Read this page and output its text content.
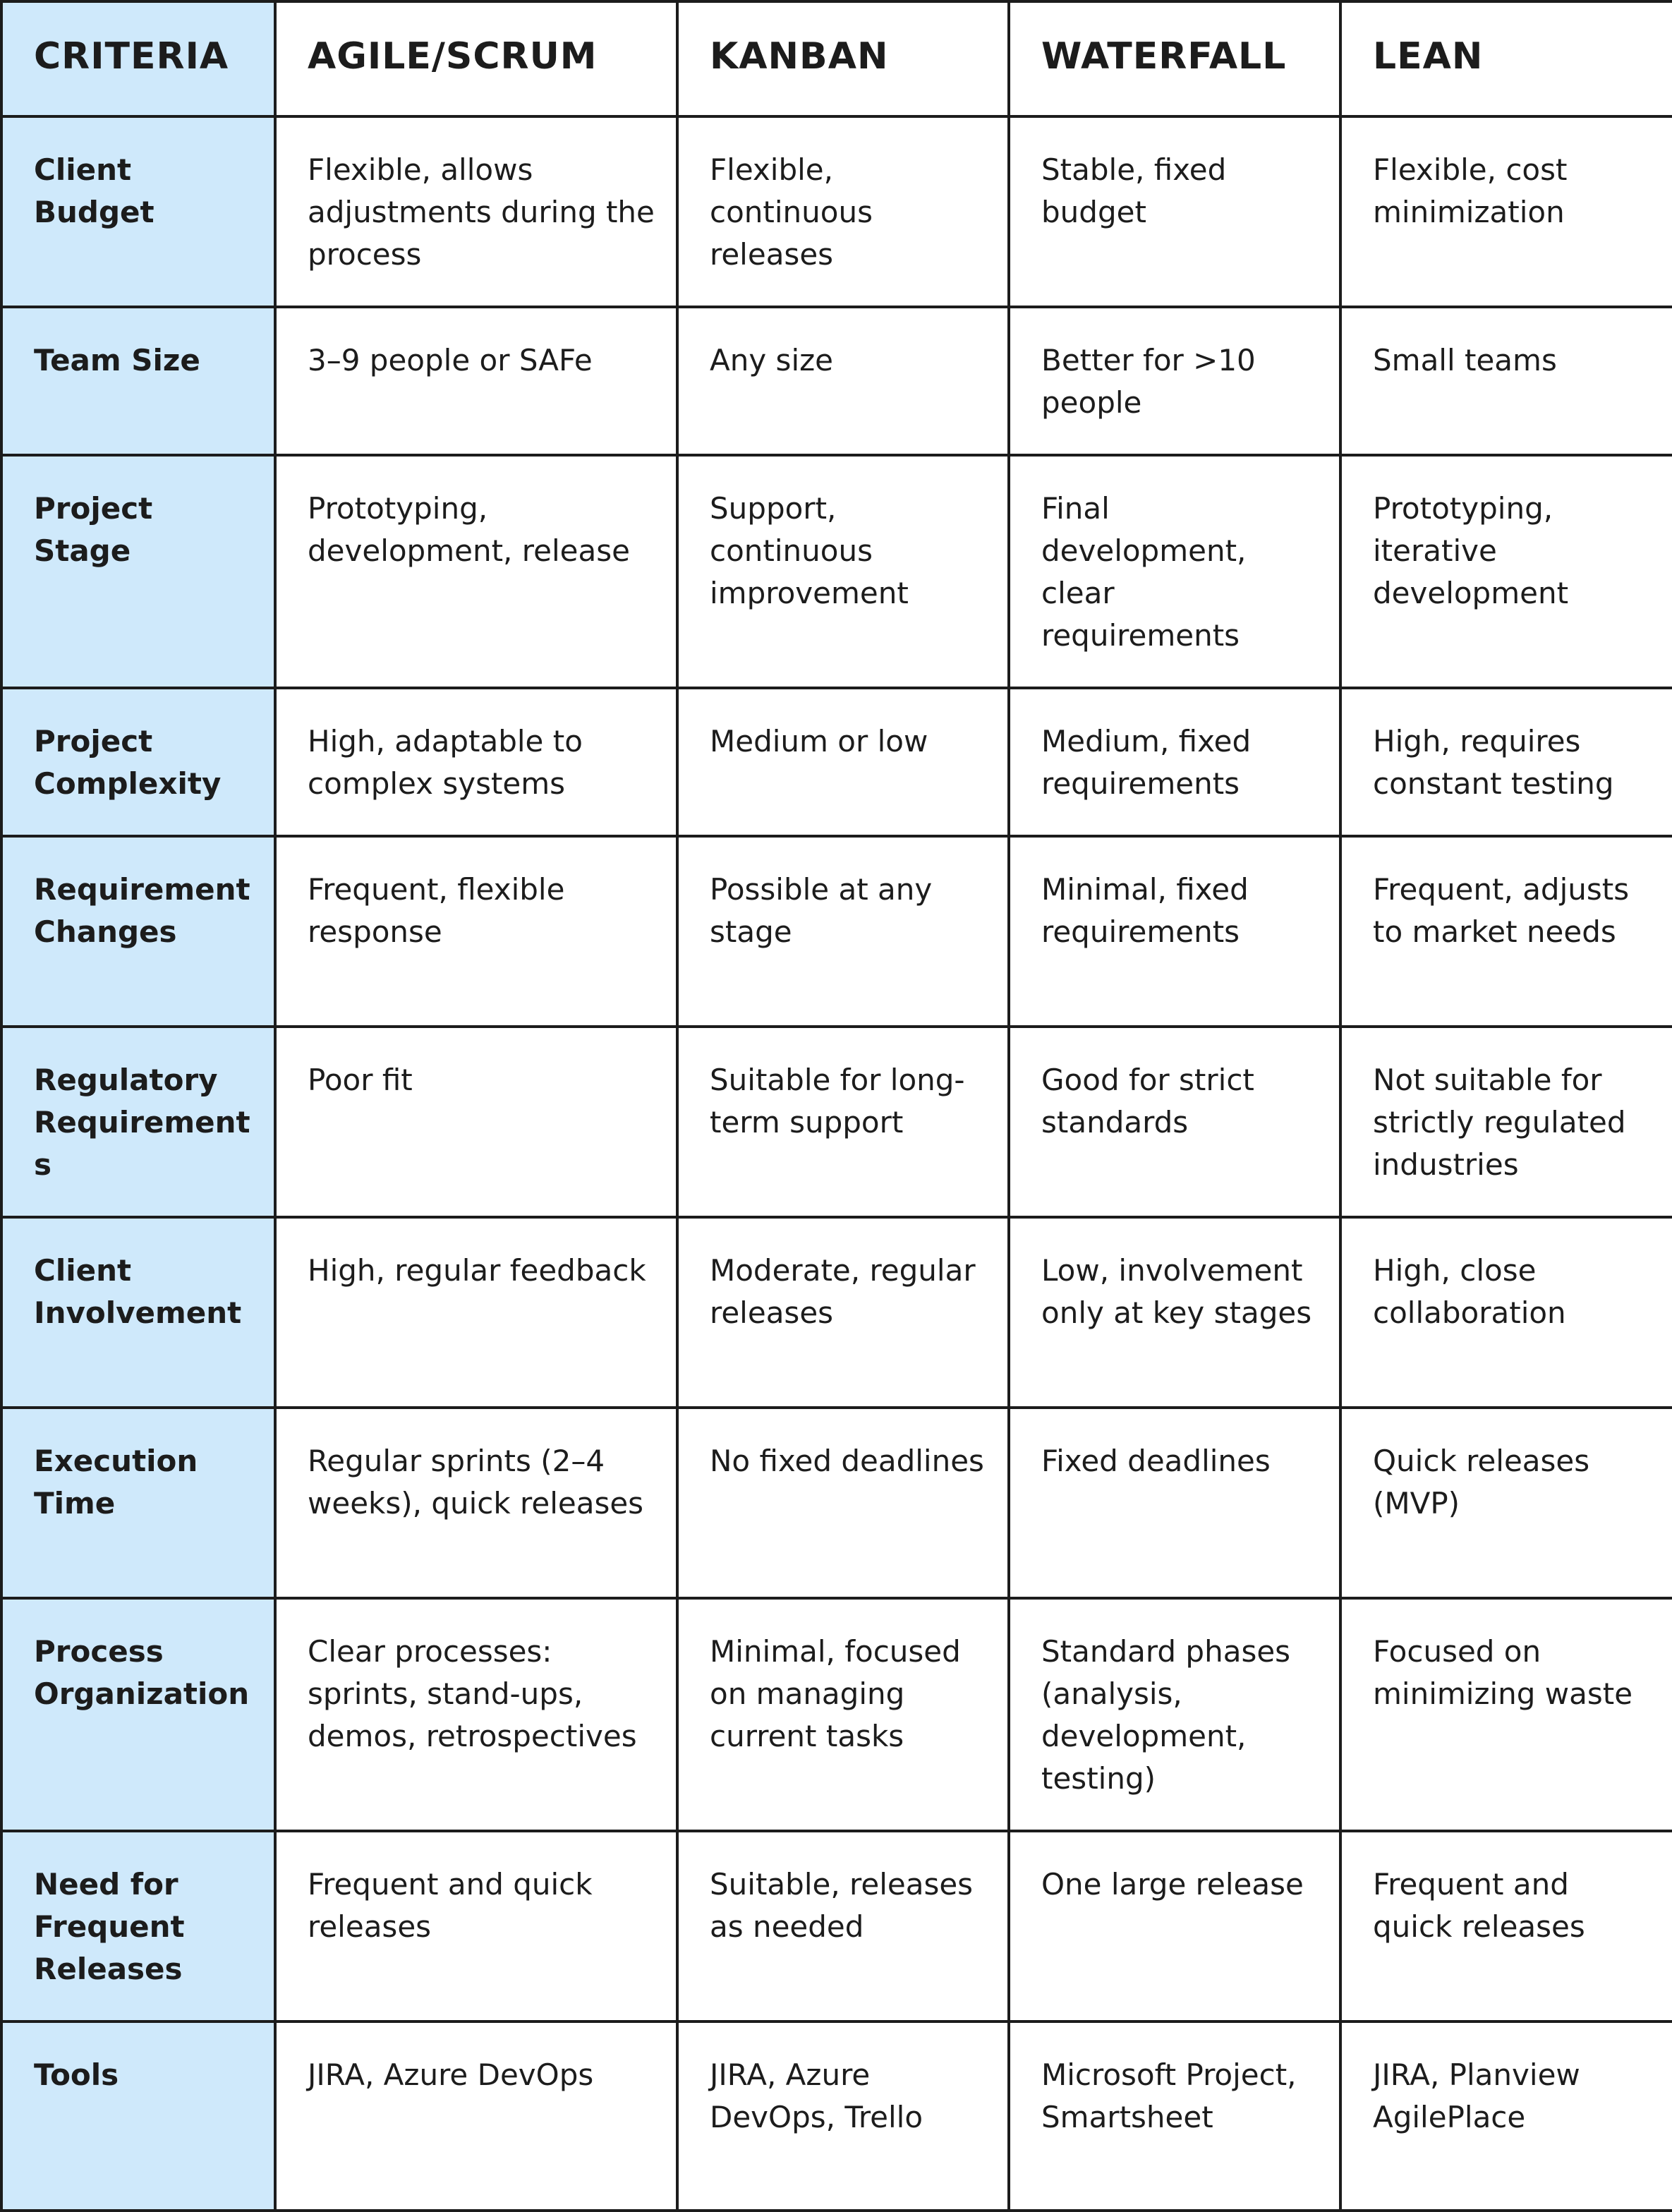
CRITERIA	AGILE/SCRUM	KANBAN	WATERFALL	LEAN
Client Budget	Flexible, allows adjustments during the process	Flexible, continuous releases	Stable, fixed budget	Flexible, cost minimization
Team Size	3–9 people or SAFe	Any size	Better for >10 people	Small teams
Project Stage	Prototyping, development, release	Support, continuous improvement	Final development, clear requirements	Prototyping, iterative development
Project Complexity	High, adaptable to complex systems	Medium or low	Medium, fixed requirements	High, requires constant testing
Requirement Changes	Frequent, flexible response	Possible at any stage	Minimal, fixed requirements	Frequent, adjusts to market needs
Regulatory Requirements	Poor fit	Suitable for long-term support	Good for strict standards	Not suitable for strictly regulated industries
Client Involvement	High, regular feedback	Moderate, regular releases	Low, involvement only at key stages	High, close collaboration
Execution Time	Regular sprints (2–4 weeks), quick releases	No fixed deadlines	Fixed deadlines	Quick releases (MVP)
Process Organization	Clear processes: sprints, stand-ups, demos, retrospectives	Minimal, focused on managing current tasks	Standard phases (analysis, development, testing)	Focused on minimizing waste
Need for Frequent Releases	Frequent and quick releases	Suitable, releases as needed	One large release	Frequent and quick releases
Tools	JIRA, Azure DevOps	JIRA, Azure DevOps, Trello	Microsoft Project, Smartsheet	JIRA, Planview AgilePlace
